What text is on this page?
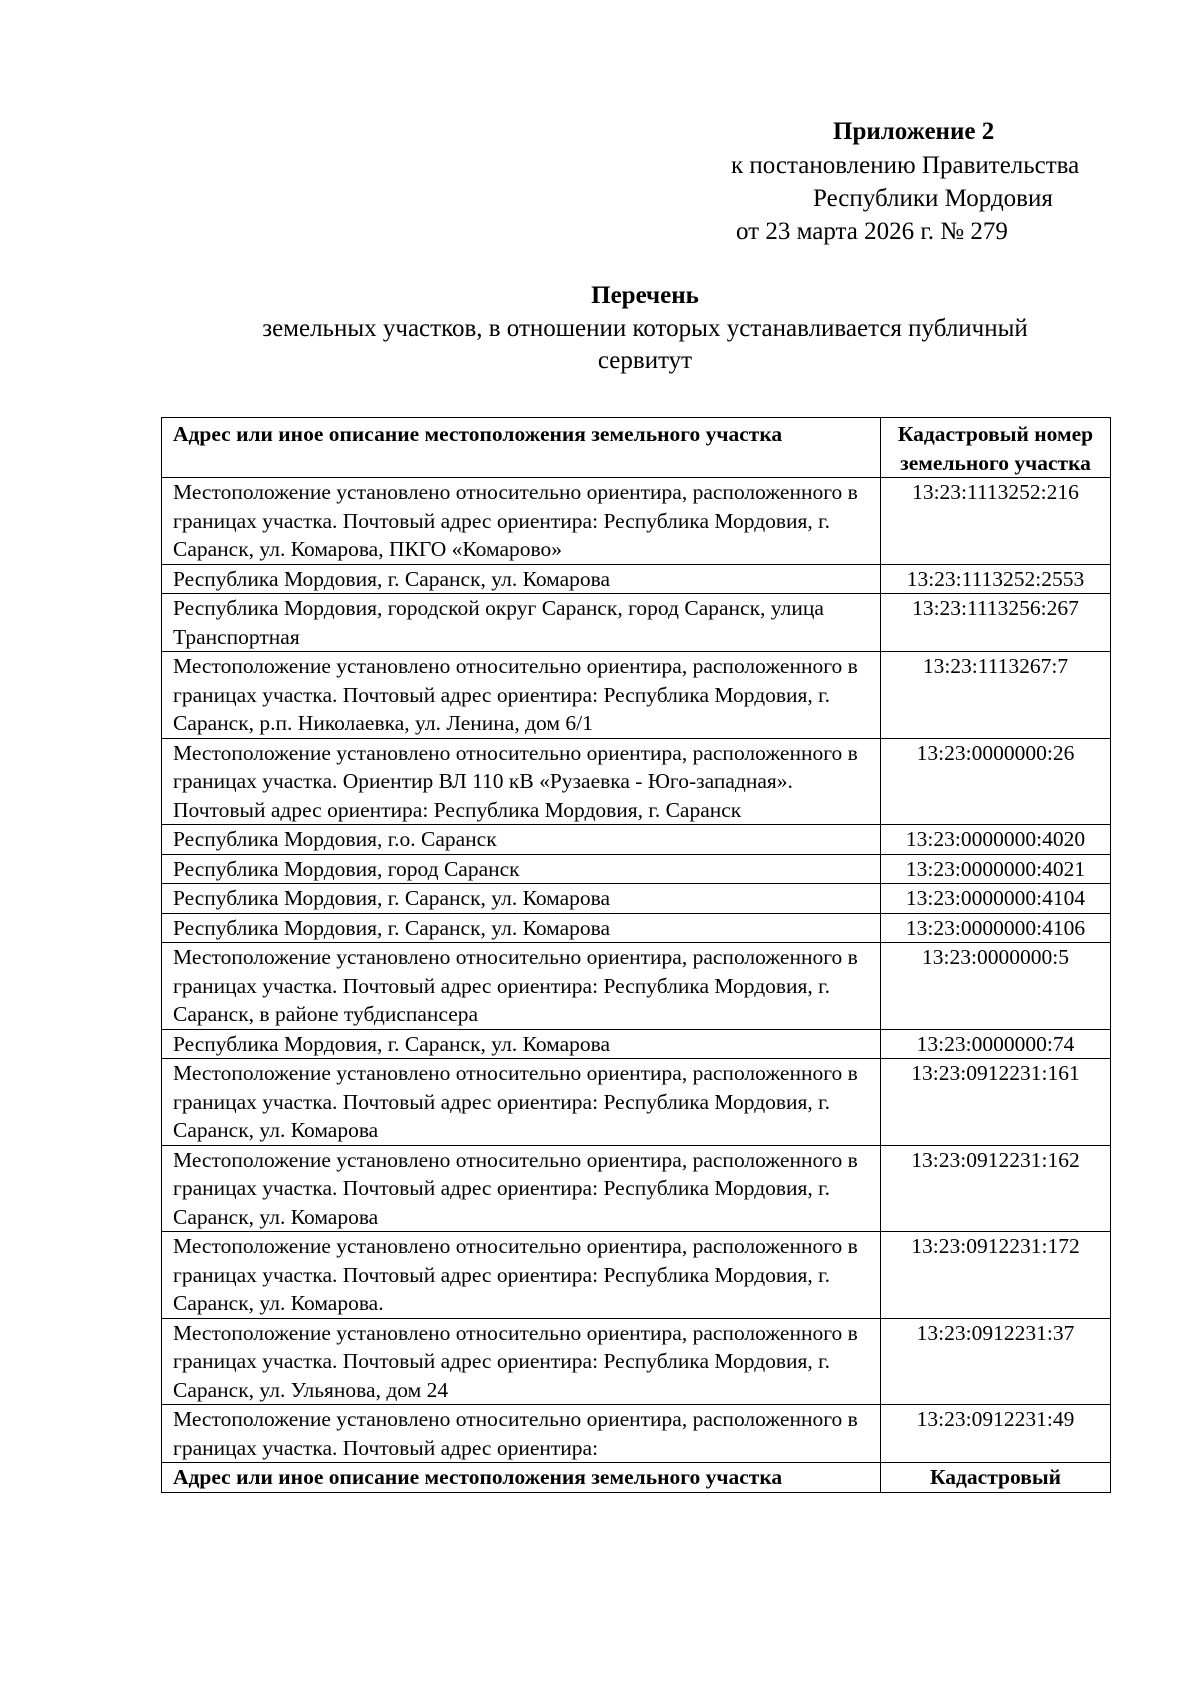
Приложение 2
к постановлению Правительства
Республики Мордовия
от 23 марта 2026 г. № 279
Перечень
земельных участков, в отношении которых устанавливается публичный
сервитут
Адрес или иное описание местоположения земельного участка	Кадастровый номер земельного участка
Местоположение установлено относительно ориентира, расположенного в границах участка. Почтовый адрес ориентира: Республика Мордовия, г. Саранск, ул. Комарова, ПКГО «Комарово»	13:23:1113252:216
Республика Мордовия, г. Саранск, ул. Комарова	13:23:1113252:2553
Республика Мордовия, городской округ Саранск, город Саранск, улица Транспортная	13:23:1113256:267
Местоположение установлено относительно ориентира, расположенного в границах участка. Почтовый адрес ориентира: Республика Мордовия, г. Саранск, р.п. Николаевка, ул. Ленина, дом 6/1	13:23:1113267:7
Местоположение установлено относительно ориентира, расположенного в границах участка. Ориентир ВЛ 110 кВ «Рузаевка - Юго-западная». Почтовый адрес ориентира: Республика Мордовия, г. Саранск	13:23:0000000:26
Республика Мордовия, г.о. Саранск	13:23:0000000:4020
Республика Мордовия, город Саранск	13:23:0000000:4021
Республика Мордовия, г. Саранск, ул. Комарова	13:23:0000000:4104
Республика Мордовия, г. Саранск, ул. Комарова	13:23:0000000:4106
Местоположение установлено относительно ориентира, расположенного в границах участка. Почтовый адрес ориентира: Республика Мордовия, г. Саранск, в районе тубдиспансера	13:23:0000000:5
Республика Мордовия, г. Саранск, ул. Комарова	13:23:0000000:74
Местоположение установлено относительно ориентира, расположенного в границах участка. Почтовый адрес ориентира: Республика Мордовия, г. Саранск, ул. Комарова	13:23:0912231:161
Местоположение установлено относительно ориентира, расположенного в границах участка. Почтовый адрес ориентира: Республика Мордовия, г. Саранск, ул. Комарова	13:23:0912231:162
Местоположение установлено относительно ориентира, расположенного в границах участка. Почтовый адрес ориентира: Республика Мордовия, г. Саранск, ул. Комарова.	13:23:0912231:172
Местоположение установлено относительно ориентира, расположенного в границах участка. Почтовый адрес ориентира: Республика Мордовия, г. Саранск, ул. Ульянова, дом 24	13:23:0912231:37
Местоположение установлено относительно ориентира, расположенного в границах участка. Почтовый адрес ориентира:	13:23:0912231:49
Адрес или иное описание местоположения земельного участка	Кадастровый
